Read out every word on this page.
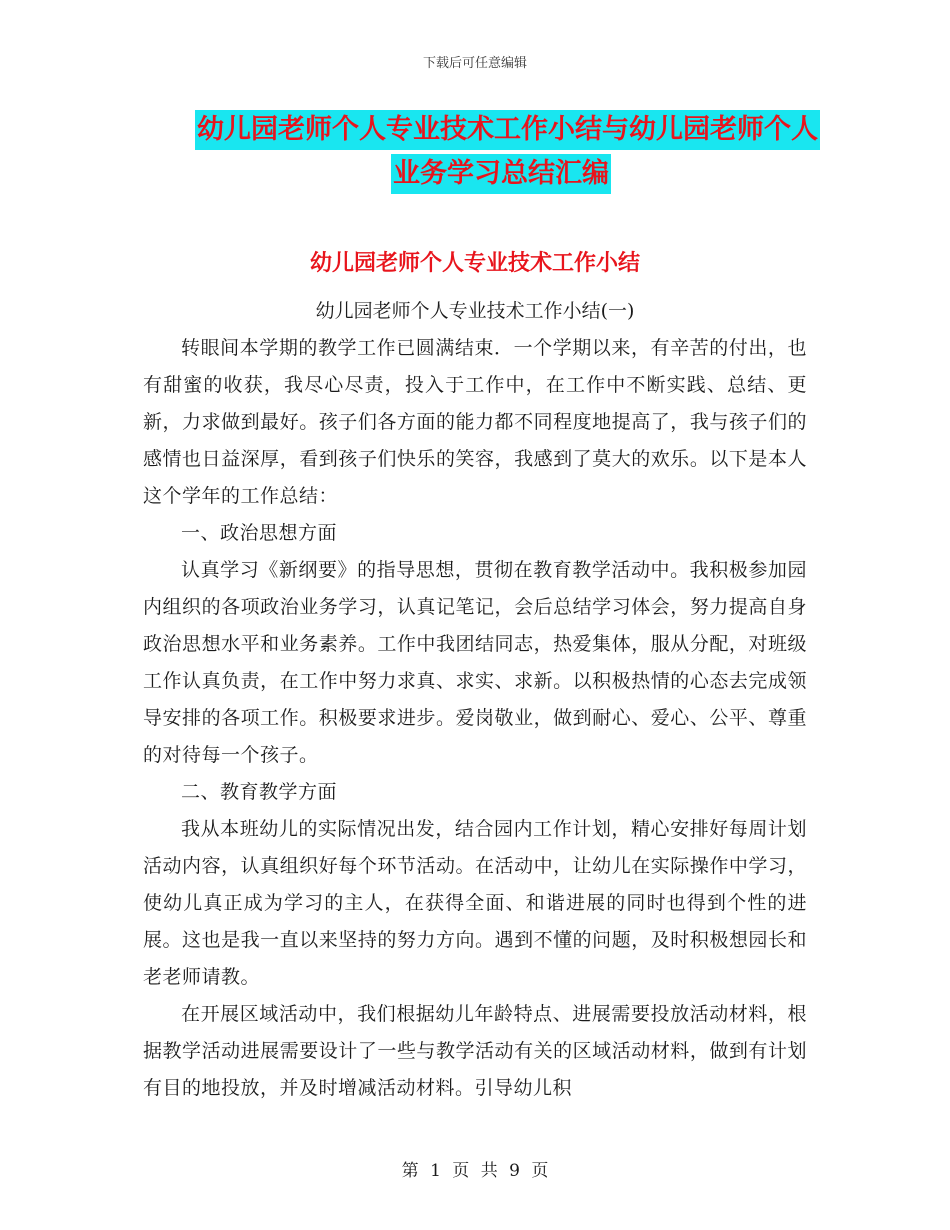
下载后可任意编辑
幼儿园老师个人专业技术工作小结与幼儿园老师个人
业务学习总结汇编
幼儿园老师个人专业技术工作小结
幼儿园老师个人专业技术工作小结(一)

转眼间本学期的教学工作已圆满结束．一个学期以来，有辛苦的付出，也有甜蜜的收获，我尽心尽责，投入于工作中，在工作中不断实践、总结、更新，力求做到最好。孩子们各方面的能力都不同程度地提高了，我与孩子们的感情也日益深厚，看到孩子们快乐的笑容，我感到了莫大的欢乐。以下是本人这个学年的工作总结：

一、政治思想方面

认真学习《新纲要》的指导思想，贯彻在教育教学活动中。我积极参加园内组织的各项政治业务学习，认真记笔记，会后总结学习体会，努力提高自身政治思想水平和业务素养。工作中我团结同志，热爱集体，服从分配，对班级工作认真负责，在工作中努力求真、求实、求新。以积极热情的心态去完成领导安排的各项工作。积极要求进步。爱岗敬业，做到耐心、爱心、公平、尊重的对待每一个孩子。

二、教育教学方面

我从本班幼儿的实际情况出发，结合园内工作计划，精心安排好每周计划活动内容，认真组织好每个环节活动。在活动中，让幼儿在实际操作中学习，使幼儿真正成为学习的主人，在获得全面、和谐进展的同时也得到个性的进展。这也是我一直以来坚持的努力方向。遇到不懂的问题，及时积极想园长和老老师请教。

在开展区域活动中，我们根据幼儿年龄特点、进展需要投放活动材料，根据教学活动进展需要设计了一些与教学活动有关的区域活动材料，做到有计划有目的地投放，并及时增减活动材料。引导幼儿积

第 1 页 共 9 页
